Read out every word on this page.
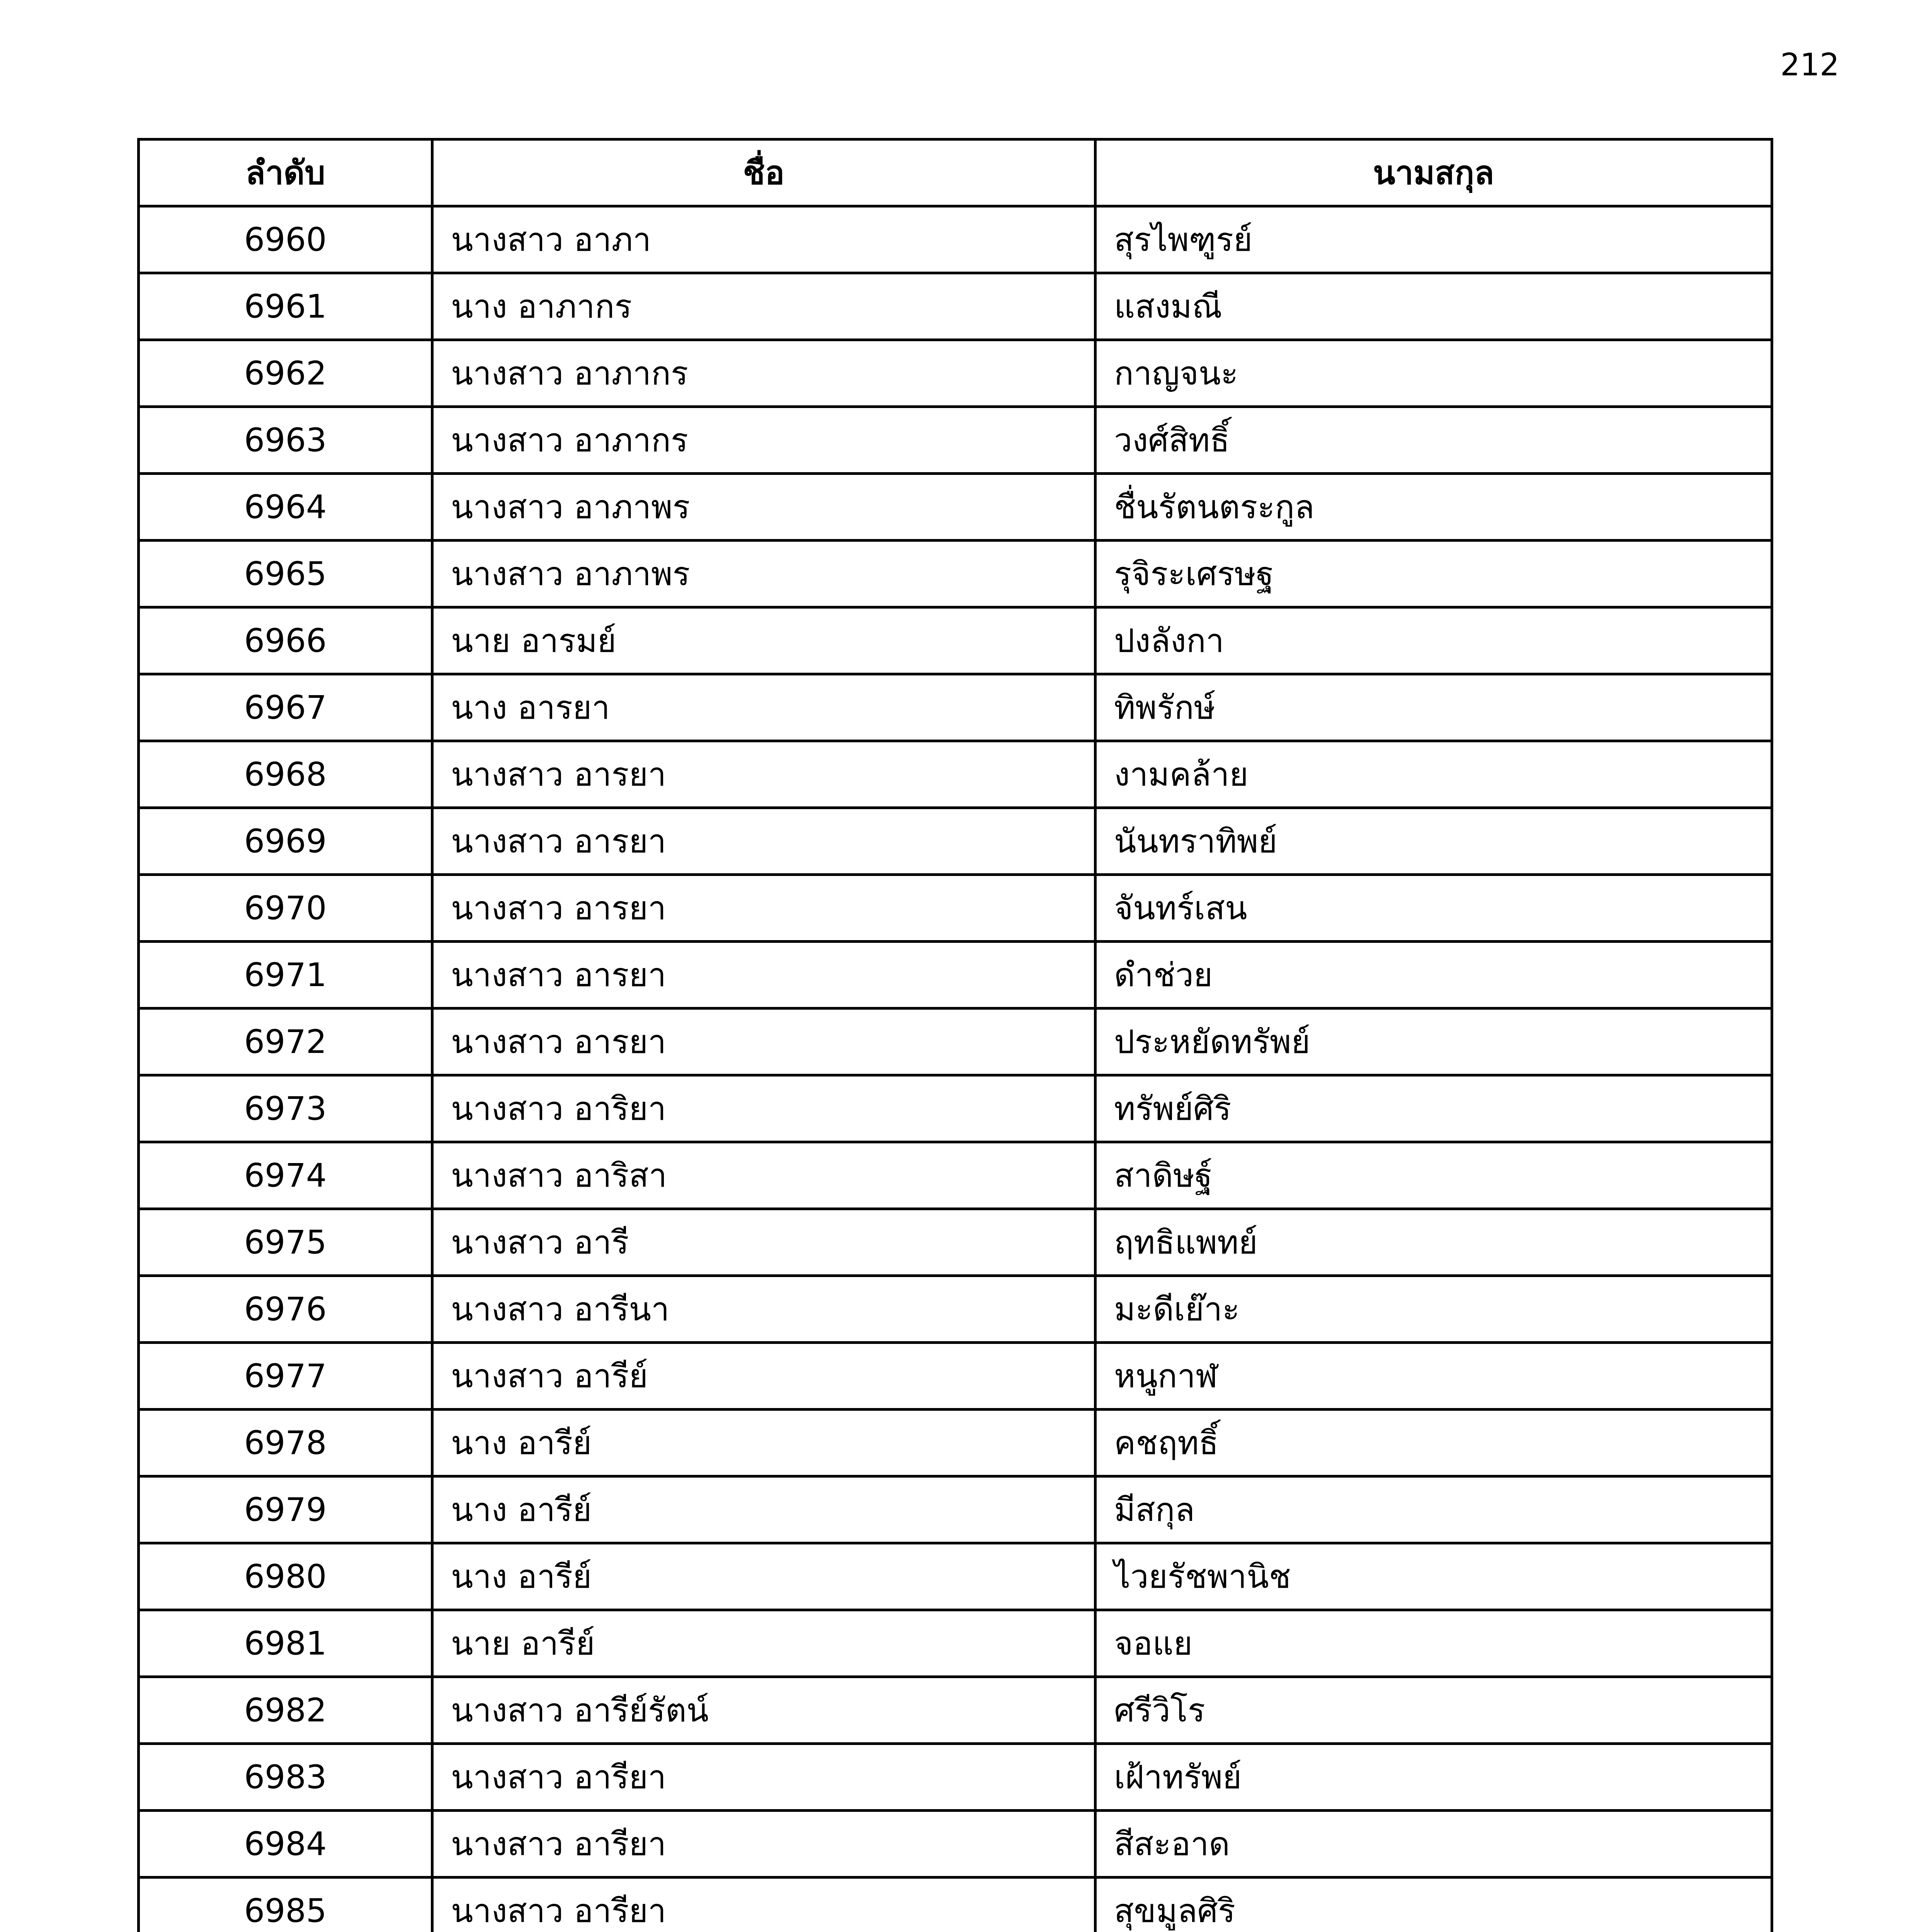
212
ลำดับ	ชื่อ	นามสกุล
6960	นางสาว อาภา	สุรไพฑูรย์
6961	นาง อาภากร	แสงมณี
6962	นางสาว อาภากร	กาญจนะ
6963	นางสาว อาภากร	วงศ์สิทธิ์
6964	นางสาว อาภาพร	ชื่นรัตนตระกูล
6965	นางสาว อาภาพร	รุจิระเศรษฐ
6966	นาย อารมย์	ปงลังกา
6967	นาง อารยา	ทิพรักษ์
6968	นางสาว อารยา	งามคล้าย
6969	นางสาว อารยา	นันทราทิพย์
6970	นางสาว อารยา	จันทร์เสน
6971	นางสาว อารยา	ดำช่วย
6972	นางสาว อารยา	ประหยัดทรัพย์
6973	นางสาว อาริยา	ทรัพย์ศิริ
6974	นางสาว อาริสา	สาดิษฐ์
6975	นางสาว อารี	ฤทธิแพทย์
6976	นางสาว อารีนา	มะดีเย๊าะ
6977	นางสาว อารีย์	หนูกาฬ
6978	นาง อารีย์	คชฤทธิ์
6979	นาง อารีย์	มีสกุล
6980	นาง อารีย์	ไวยรัชพานิช
6981	นาย อารีย์	จอแย
6982	นางสาว อารีย์รัตน์	ศรีวิโร
6983	นางสาว อารียา	เฝ้าทรัพย์
6984	นางสาว อารียา	สีสะอาด
6985	นางสาว อารียา	สุขมูลศิริ
